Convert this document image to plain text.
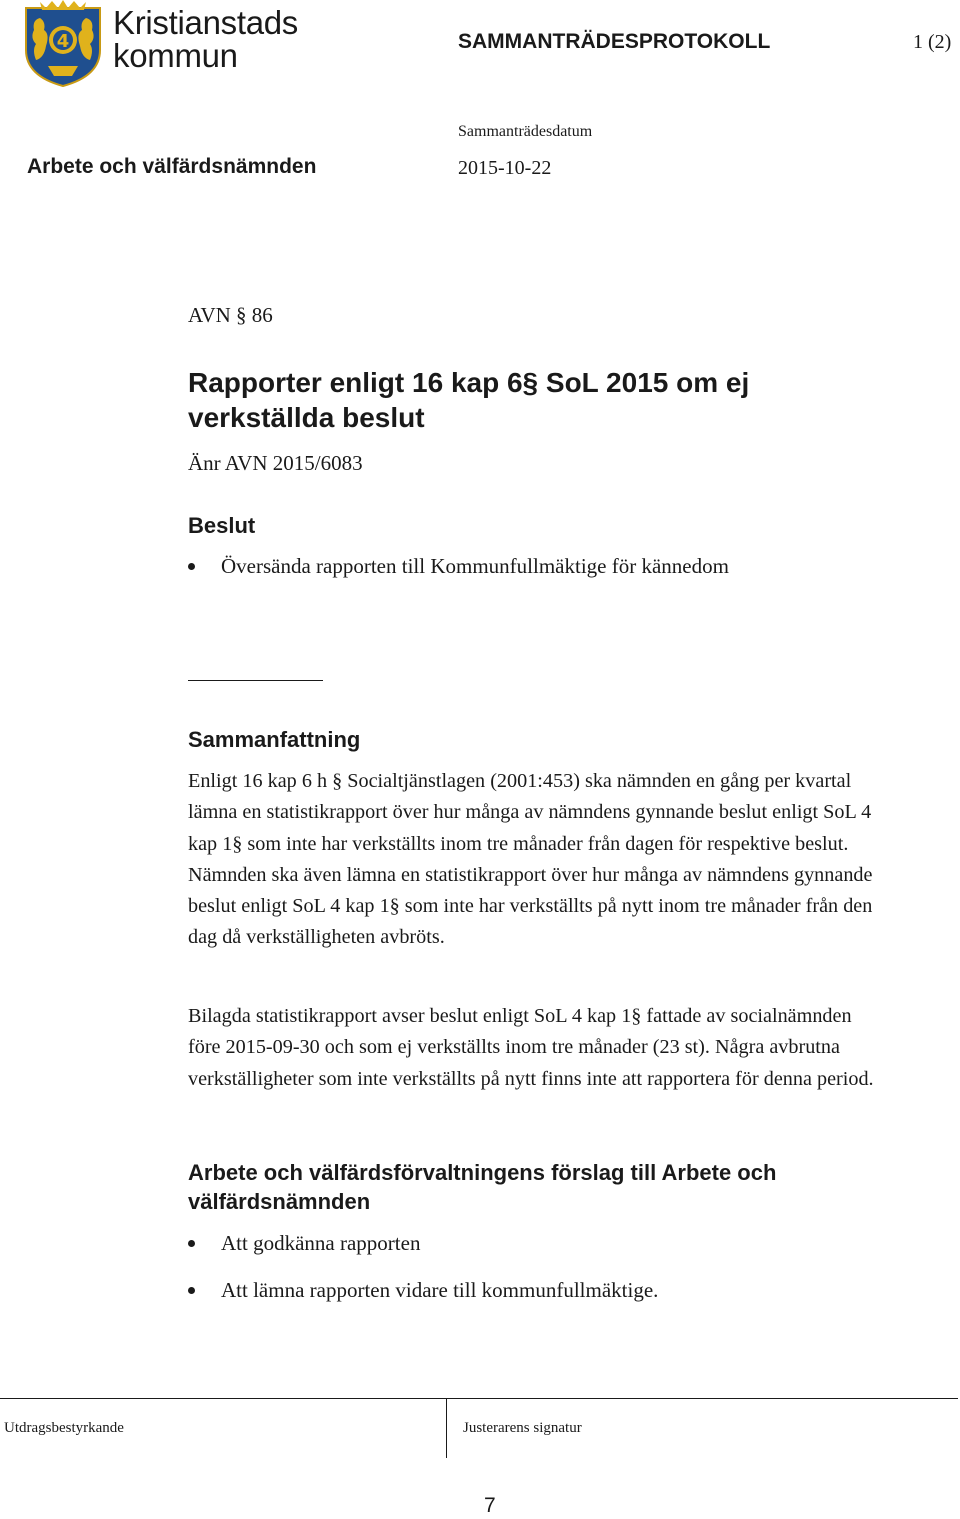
4
Kristianstads
kommun	SAMMANTRÄDESPROTOKOLL	1 (2)
Arbete och välfärdsnämnden
Sammanträdesdatum
2015-10-22
AVN § 86
Rapporter enligt 16 kap 6§ SoL 2015 om ej verkställda beslut
Änr AVN 2015/6083
Beslut
Översända rapporten till Kommunfullmäktige för kännedom
Sammanfattning

Enligt 16 kap 6 h § Socialtjänstlagen (2001:453) ska nämnden en gång per kvartal lämna en statistikrapport över hur många av nämndens gynnande beslut enligt SoL 4 kap 1§ som inte har verkställts inom tre månader från dagen för respektive beslut. Nämnden ska även lämna en statistikrapport över hur många av nämndens gynnande beslut enligt SoL 4 kap 1§ som inte har verkställts på nytt inom tre månader från den dag då verkställigheten avbröts.

Bilagda statistikrapport avser beslut enligt SoL 4 kap 1§ fattade av socialnämnden före 2015-09-30 och som ej verkställts inom tre månader (23 st). Några avbrutna verkställigheter som inte verkställts på nytt finns inte att rapportera för denna period.

Arbete och välfärdsförvaltningens förslag till Arbete och välfärdsnämnden
Att godkänna rapporten
Att lämna rapporten vidare till kommunfullmäktige.
Utdragsbestyrkande	Justerarens signatur
7
